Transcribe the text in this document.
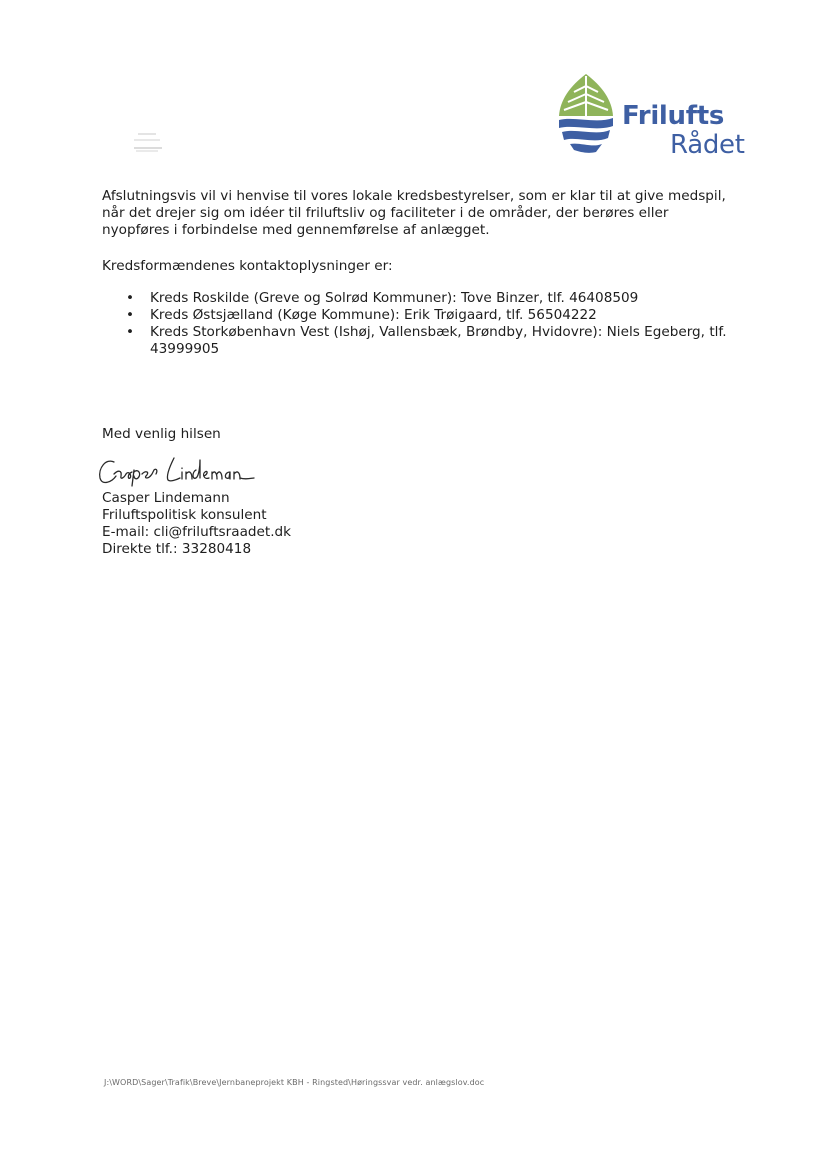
Frilufts
Rådet
Afslutningsvis vil vi henvise til vores lokale kredsbestyrelser, som er klar til at give medspil, når det drejer sig om idéer til friluftsliv og faciliteter i de områder, der berøres eller nyopføres i forbindelse med gennemførelse af anlægget.
Kredsformændenes kontaktoplysninger er:
• Kreds Roskilde (Greve og Solrød Kommuner): Tove Binzer, tlf. 46408509
• Kreds Østsjælland (Køge Kommune): Erik Trøigaard, tlf. 56504222
• Kreds Storkøbenhavn Vest (Ishøj, Vallensbæk, Brøndby, Hvidovre): Niels Egeberg, tlf. 43999905
Med venlig hilsen
Casper Lindemann
Friluftspolitisk konsulent
E-mail: cli@friluftsraadet.dk
Direkte tlf.: 33280418
J:\WORD\Sager\Trafik\Breve\Jernbaneprojekt KBH - Ringsted\Høringssvar vedr. anlægslov.doc
